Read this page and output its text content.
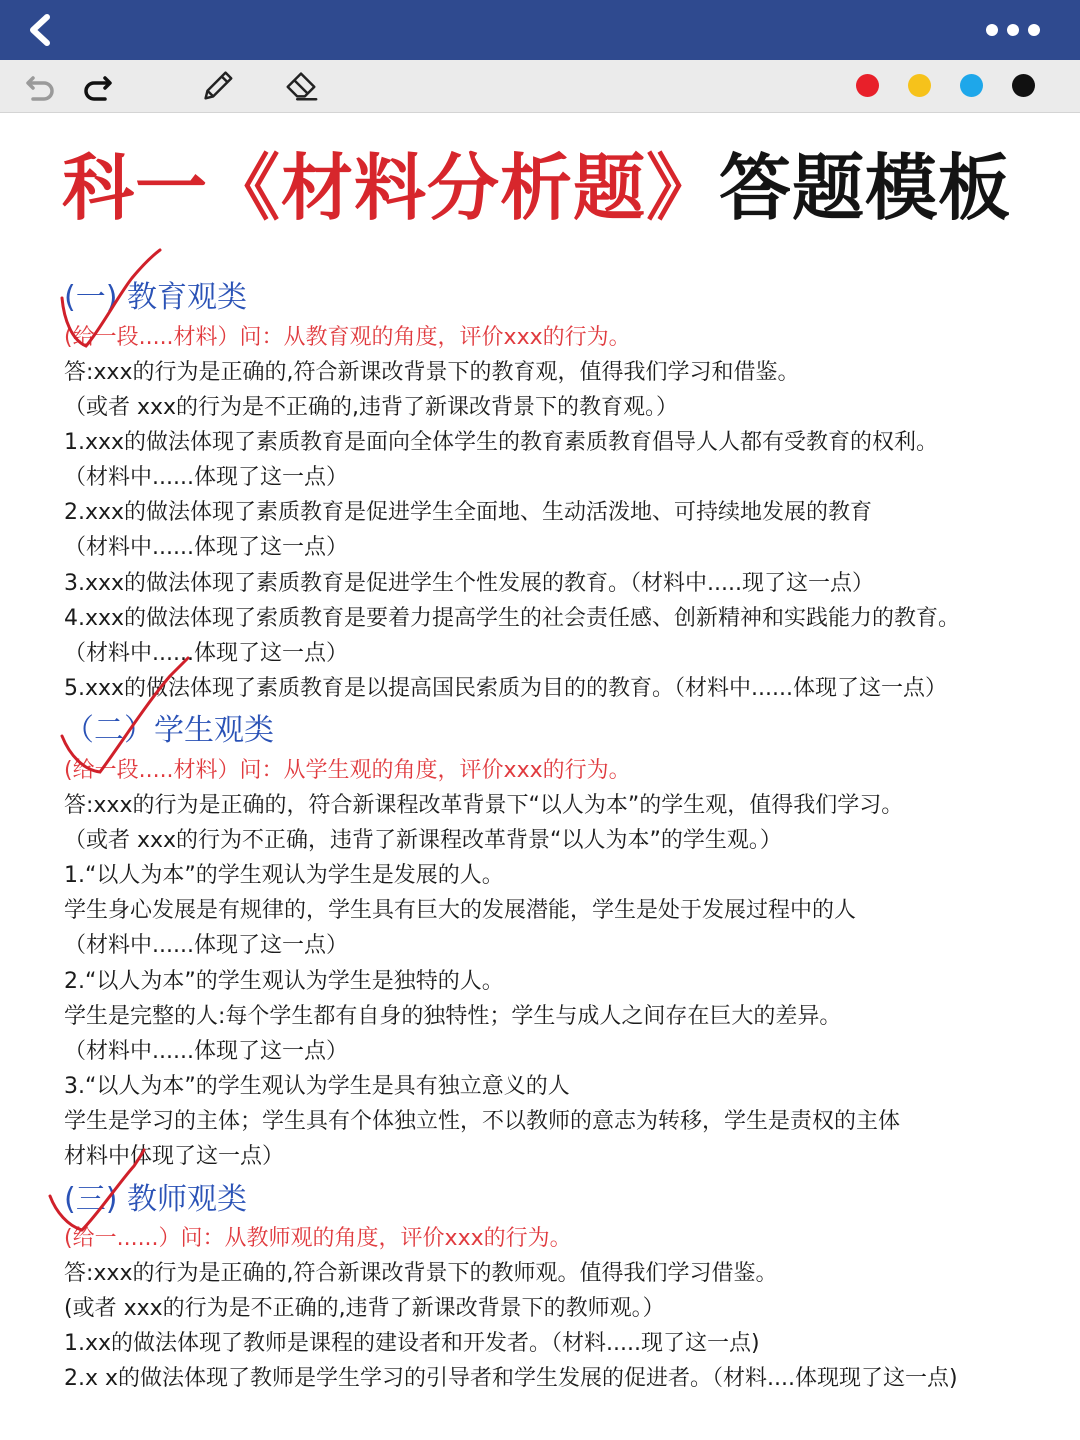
科一《材料分析题》答题模板
(一) 教育观类

(给一段.....材料）问：从教育观的角度，评价xxx的行为。

答:xxx的行为是正确的,符合新课改背景下的教育观，值得我们学习和借鉴。

（或者 xxx的行为是不正确的,违背了新课改背景下的教育观。）

1.xxx的做法体现了素质教育是面向全体学生的教育素质教育倡导人人都有受教育的权利。

（材料中......体现了这一点）

2.xxx的做法体现了素质教育是促进学生全面地、生动活泼地、可持续地发展的教育

（材料中......体现了这一点）

3.xxx的做法体现了素质教育是促进学生个性发展的教育。（材料中.....现了这一点）

4.xxx的做法体现了索质教育是要着力提高学生的社会责任感、创新精神和实践能力的教育。

（材料中......体现了这一点）

5.xxx的做法体现了素质教育是以提高国民索质为目的的教育。（材料中......体现了这一点）

（二）学生观类

(给一段.....材料）问：从学生观的角度，评价xxx的行为。

答:xxx的行为是正确的，符合新课程改革背景下“以人为本”的学生观，值得我们学习。

（或者 xxx的行为不正确，违背了新课程改革背景“以人为本”的学生观。）

1.“以人为本”的学生观认为学生是发展的人。

学生身心发展是有规律的，学生具有巨大的发展潜能，学生是处于发展过程中的人

（材料中......体现了这一点）

2.“以人为本”的学生观认为学生是独特的人。

学生是完整的人:每个学生都有自身的独特性；学生与成人之间存在巨大的差异。

（材料中......体现了这一点）

3.“以人为本”的学生观认为学生是具有独立意义的人

学生是学习的主体；学生具有个体独立性，不以教师的意志为转移，学生是责权的主体

材料中体现了这一点）

(三) 教师观类

(给一......）问：从教师观的角度，评价xxx的行为。

答:xxx的行为是正确的,符合新课改背景下的教师观。值得我们学习借鉴。

(或者 xxx的行为是不正确的,违背了新课改背景下的教师观。）

1.xx的做法体现了教师是课程的建设者和开发者。（材料.....现了这一点)

2.x x的做法体现了教师是学生学习的引导者和学生发展的促进者。（材料....体现现了这一点)
